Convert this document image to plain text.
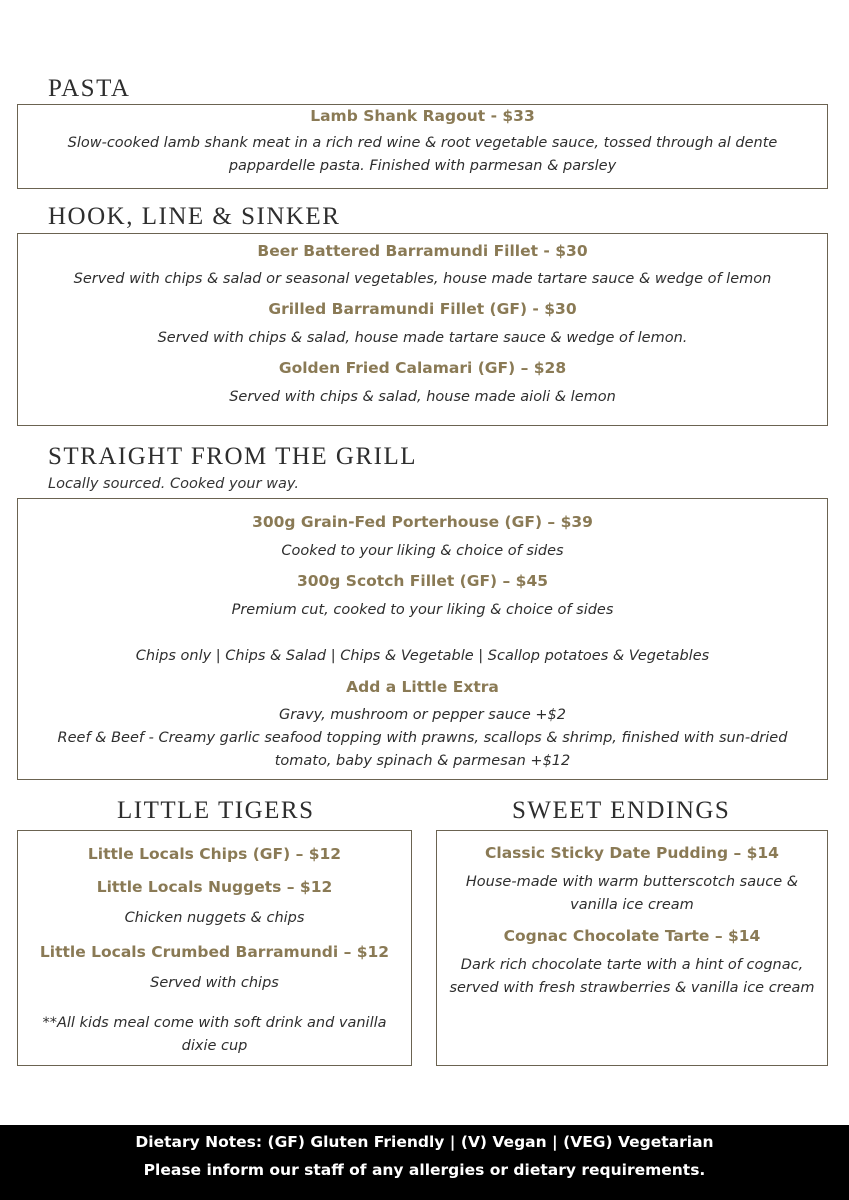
PASTA
Lamb Shank Ragout - $33
Slow-cooked lamb shank meat in a rich red wine & root vegetable sauce, tossed through al dente
pappardelle pasta. Finished with parmesan & parsley
HOOK, LINE & SINKER
Beer Battered Barramundi Fillet - $30
Served with chips & salad or seasonal vegetables, house made tartare sauce & wedge of lemon
Grilled Barramundi Fillet (GF) - $30
Served with chips & salad, house made tartare sauce & wedge of lemon.
Golden Fried Calamari (GF) – $28
Served with chips & salad, house made aioli & lemon
STRAIGHT FROM THE GRILL
Locally sourced. Cooked your way.
300g Grain-Fed Porterhouse (GF) – $39
Cooked to your liking & choice of sides
300g Scotch Fillet (GF) – $45
Premium cut, cooked to your liking & choice of sides
Chips only | Chips & Salad | Chips & Vegetable | Scallop potatoes & Vegetables
Add a Little Extra
Gravy, mushroom or pepper sauce +$2
Reef & Beef - Creamy garlic seafood topping with prawns, scallops & shrimp, finished with sun-dried
tomato, baby spinach & parmesan +$12
LITTLE TIGERS
Little Locals Chips (GF) – $12
Little Locals Nuggets – $12
Chicken nuggets & chips
Little Locals Crumbed Barramundi – $12
Served with chips
**All kids meal come with soft drink and vanilla
dixie cup
SWEET ENDINGS
Classic Sticky Date Pudding – $14
House-made with warm butterscotch sauce &
vanilla ice cream
Cognac Chocolate Tarte – $14
Dark rich chocolate tarte with a hint of cognac,
served with fresh strawberries & vanilla ice cream
Dietary Notes: (GF) Gluten Friendly | (V) Vegan | (VEG) Vegetarian
Please inform our staff of any allergies or dietary requirements.
